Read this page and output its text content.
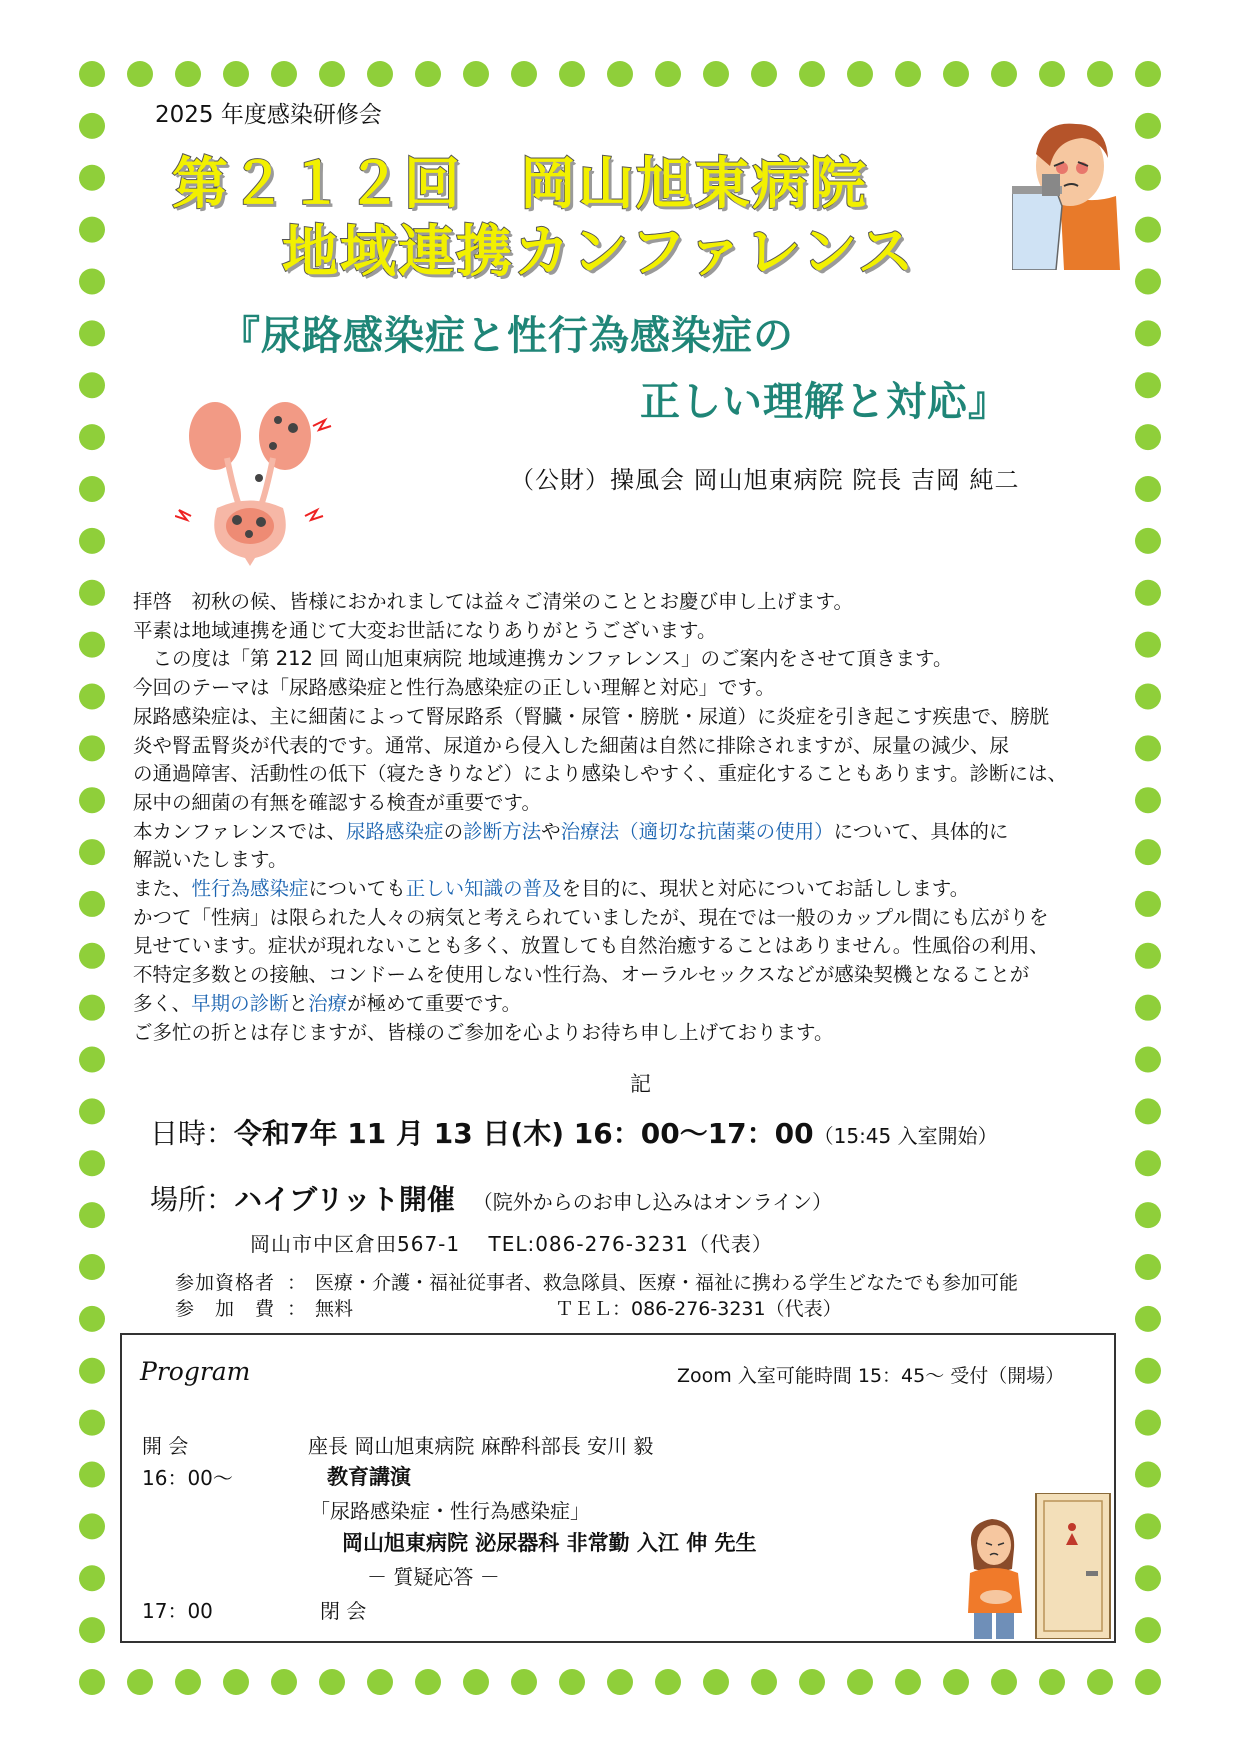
2025 年度感染研修会
第２１２回　岡山旭東病院
地域連携カンファレンス
『尿路感染症と性行為感染症の
正しい理解と対応』
（公財）操風会 岡山旭東病院 院長 吉岡 純二

拝啓　初秋の候、皆様におかれましては益々ご清栄のこととお慶び申し上げます。

平素は地域連携を通じて大変お世話になりありがとうございます。

　この度は「第 212 回 岡山旭東病院 地域連携カンファレンス」のご案内をさせて頂きます。

今回のテーマは「尿路感染症と性行為感染症の正しい理解と対応」です。

尿路感染症は、主に細菌によって腎尿路系（腎臓・尿管・膀胱・尿道）に炎症を引き起こす疾患で、膀胱

炎や腎盂腎炎が代表的です。通常、尿道から侵入した細菌は自然に排除されますが、尿量の減少、尿

の通過障害、活動性の低下（寝たきりなど）により感染しやすく、重症化することもあります。診断には、

尿中の細菌の有無を確認する検査が重要です。

本カンファレンスでは、尿路感染症の診断方法や治療法（適切な抗菌薬の使用）について、具体的に

解説いたします。

また、性行為感染症についても正しい知識の普及を目的に、現状と対応についてお話しします。

かつて「性病」は限られた人々の病気と考えられていましたが、現在では一般のカップル間にも広がりを

見せています。症状が現れないことも多く、放置しても自然治癒することはありません。性風俗の利用、

不特定多数との接触、コンドームを使用しない性行為、オーラルセックスなどが感染契機となることが

多く、早期の診断と治療が極めて重要です。

ご多忙の折とは存じますが、皆様のご参加を心よりお待ち申し上げております。

記
日時：令和7年 11 月 13 日(木) 16：00～17：00（15:45 入室開始）
場所：ハイブリット開催 （院外からのお申し込みはオンライン）
岡山市中区倉田567-1　 TEL:086-276-3231（代表）
参加資格者 ： 医療・介護・福祉従事者、救急隊員、医療・福祉に携わる学生どなたでも参加可能
参　加　費 ： 無料	ＴＥＬ：086-276-3231（代表）
Program	Zoom 入室可能時間 15：45～ 受付（開場）
開 会	座長 岡山旭東病院 麻酔科部長 安川 毅
16：00～	教育講演
「尿路感染症・性行為感染症」
岡山旭東病院 泌尿器科 非常勤 入江 伸 先生
－ 質疑応答 －
17：00	閉 会
